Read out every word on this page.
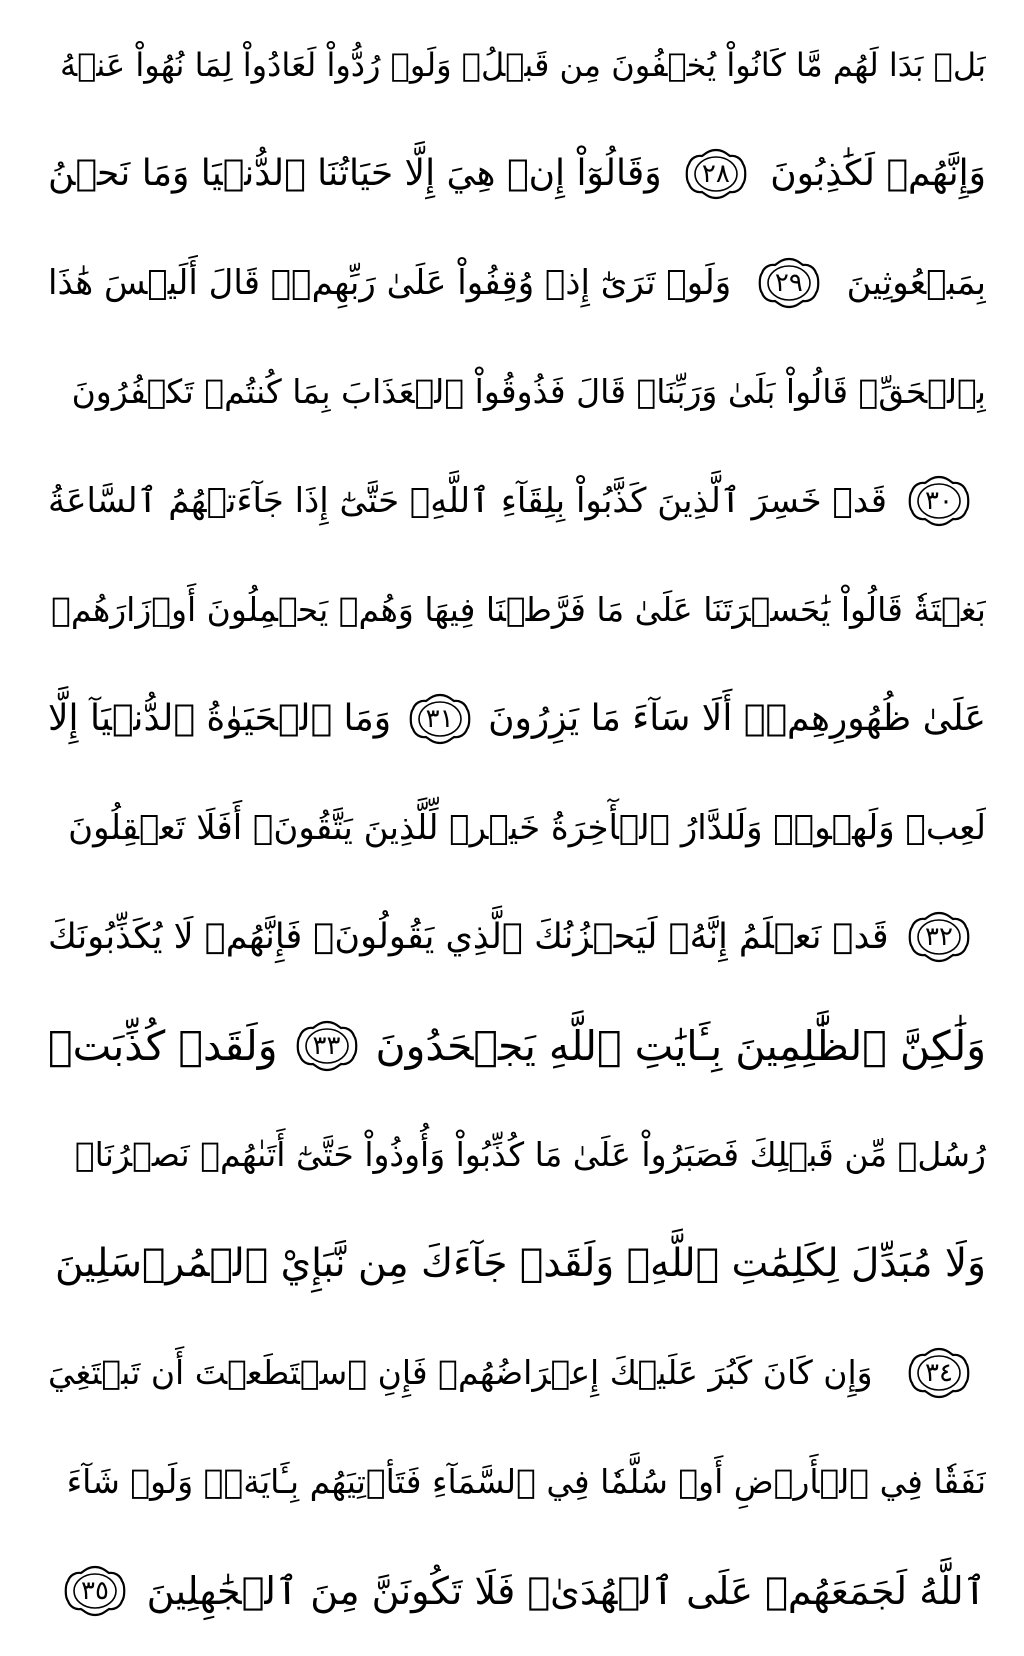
بَلۡ بَدَا لَهُم مَّا كَانُواْ يُخۡفُونَ مِن قَبۡلُۖ وَلَوۡ رُدُّواْ لَعَادُواْ لِمَا نُهُواْ عَنۡهُ
وَإِنَّهُمۡ لَكَٰذِبُونَ
٢٨
وَقَالُوٓاْ إِنۡ هِيَ إِلَّا حَيَاتُنَا ٱلدُّنۡيَا وَمَا نَحۡنُ
بِمَبۡعُوثِينَ
٢٩
وَلَوۡ تَرَىٰٓ إِذۡ وُقِفُواْ عَلَىٰ رَبِّهِمۡۚ قَالَ أَلَيۡسَ هَٰذَا
بِٱلۡحَقِّۚ قَالُواْ بَلَىٰ وَرَبِّنَاۚ قَالَ فَذُوقُواْ ٱلۡعَذَابَ بِمَا كُنتُمۡ تَكۡفُرُونَ
٣٠
قَدۡ خَسِرَ ٱلَّذِينَ كَذَّبُواْ بِلِقَآءِ ٱللَّهِۖ حَتَّىٰٓ إِذَا جَآءَتۡهُمُ ٱلسَّاعَةُ
بَغۡتَةٗ قَالُواْ يَٰحَسۡرَتَنَا عَلَىٰ مَا فَرَّطۡنَا فِيهَا وَهُمۡ يَحۡمِلُونَ أَوۡزَارَهُمۡ
عَلَىٰ ظُهُورِهِمۡۚ أَلَا سَآءَ مَا يَزِرُونَ
٣١
وَمَا ٱلۡحَيَوٰةُ ٱلدُّنۡيَآ إِلَّا
لَعِبٞ وَلَهۡوٞۖ وَلَلدَّارُ ٱلۡأٓخِرَةُ خَيۡرٞ لِّلَّذِينَ يَتَّقُونَۚ أَفَلَا تَعۡقِلُونَ
٣٢
قَدۡ نَعۡلَمُ إِنَّهُۥ لَيَحۡزُنُكَ ٱلَّذِي يَقُولُونَۖ فَإِنَّهُمۡ لَا يُكَذِّبُونَكَ
وَلَٰكِنَّ ٱلظَّٰلِمِينَ بِـَٔايَٰتِ ٱللَّهِ يَجۡحَدُونَ
٣٣
وَلَقَدۡ كُذِّبَتۡ
رُسُلٞ مِّن قَبۡلِكَ فَصَبَرُواْ عَلَىٰ مَا كُذِّبُواْ وَأُوذُواْ حَتَّىٰٓ أَتَىٰهُمۡ نَصۡرُنَاۚ
وَلَا مُبَدِّلَ لِكَلِمَٰتِ ٱللَّهِۚ وَلَقَدۡ جَآءَكَ مِن نَّبَإِيْ ٱلۡمُرۡسَلِينَ
٣٤
وَإِن كَانَ كَبُرَ عَلَيۡكَ إِعۡرَاضُهُمۡ فَإِنِ ٱسۡتَطَعۡتَ أَن تَبۡتَغِيَ
نَفَقٗا فِي ٱلۡأَرۡضِ أَوۡ سُلَّمٗا فِي ٱلسَّمَآءِ فَتَأۡتِيَهُم بِـَٔايَةٖۚ وَلَوۡ شَآءَ
ٱللَّهُ لَجَمَعَهُمۡ عَلَى ٱلۡهُدَىٰۚ فَلَا تَكُونَنَّ مِنَ ٱلۡجَٰهِلِينَ
٣٥
